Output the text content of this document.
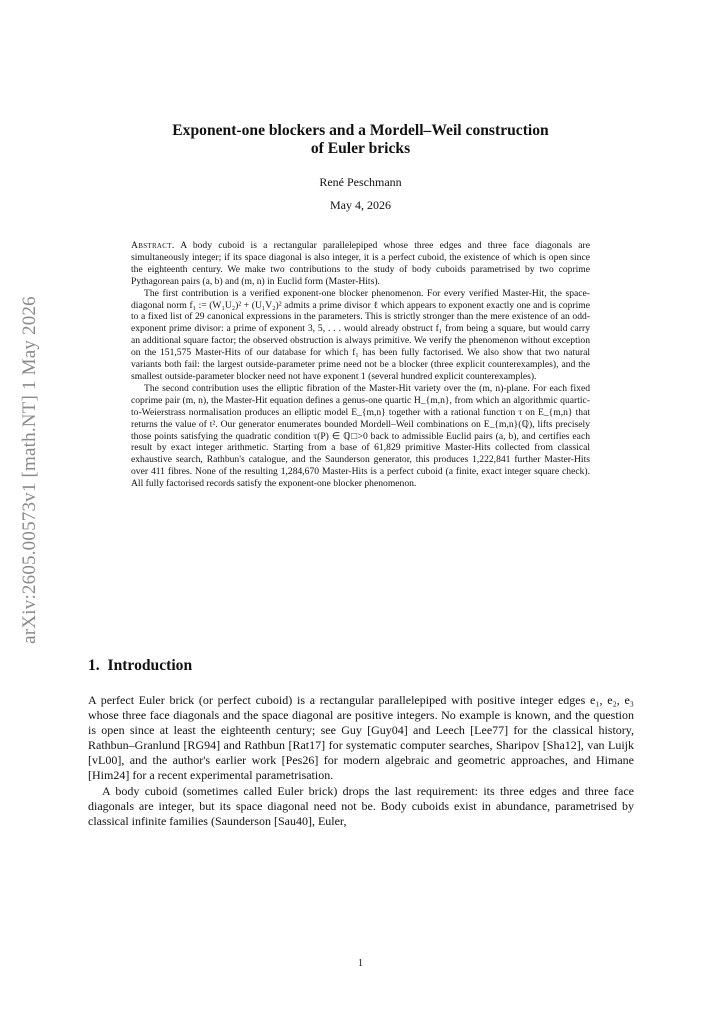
arXiv:2605.00573v1 [math.NT] 1 May 2026
Exponent-one blockers and a Mordell–Weil construction
of Euler bricks
René Peschmann
May 4, 2026

Abstract. A body cuboid is a rectangular parallelepiped whose three edges and three face diagonals are simultaneously integer; if its space diagonal is also integer, it is a perfect cuboid, the existence of which is open since the eighteenth century. We make two contributions to the study of body cuboids parametrised by two coprime Pythagorean pairs (a, b) and (m, n) in Euclid form (Master-Hits).

The first contribution is a verified exponent-one blocker phenomenon. For every verified Master-Hit, the space-diagonal norm f₁ := (W₁U₂)² + (U₁V₂)² admits a prime divisor ℓ which appears to exponent exactly one and is coprime to a fixed list of 29 canonical expressions in the parameters. This is strictly stronger than the mere existence of an odd-exponent prime divisor: a prime of exponent 3, 5, . . . would already obstruct f₁ from being a square, but would carry an additional square factor; the observed obstruction is always primitive. We verify the phenomenon without exception on the 151,575 Master-Hits of our database for which f₁ has been fully factorised. We also show that two natural variants both fail: the largest outside-parameter prime need not be a blocker (three explicit counterexamples), and the smallest outside-parameter blocker need not have exponent 1 (several hundred explicit counterexamples).

The second contribution uses the elliptic fibration of the Master-Hit variety over the (m, n)-plane. For each fixed coprime pair (m, n), the Master-Hit equation defines a genus-one quartic H_{m,n}, from which an algorithmic quartic-to-Weierstrass normalisation produces an elliptic model E_{m,n} together with a rational function τ on E_{m,n} that returns the value of t². Our generator enumerates bounded Mordell–Weil combinations on E_{m,n}(ℚ), lifts precisely those points satisfying the quadratic condition τ(P) ∈ ℚ□>0 back to admissible Euclid pairs (a, b), and certifies each result by exact integer arithmetic. Starting from a base of 61,829 primitive Master-Hits collected from classical exhaustive search, Rathbun's catalogue, and the Saunderson generator, this produces 1,222,841 further Master-Hits over 411 fibres. None of the resulting 1,284,670 Master-Hits is a perfect cuboid (a finite, exact integer square check). All fully factorised records satisfy the exponent-one blocker phenomenon.

1. Introduction

A perfect Euler brick (or perfect cuboid) is a rectangular parallelepiped with positive integer edges e₁, e₂, e₃ whose three face diagonals and the space diagonal are positive integers. No example is known, and the question is open since at least the eighteenth century; see Guy [Guy04] and Leech [Lee77] for the classical history, Rathbun–Granlund [RG94] and Rathbun [Rat17] for systematic computer searches, Sharipov [Sha12], van Luijk [vL00], and the author's earlier work [Pes26] for modern algebraic and geometric approaches, and Himane [Him24] for a recent experimental parametrisation.

A body cuboid (sometimes called Euler brick) drops the last requirement: its three edges and three face diagonals are integer, but its space diagonal need not be. Body cuboids exist in abundance, parametrised by classical infinite families (Saunderson [Sau40], Euler,

1
